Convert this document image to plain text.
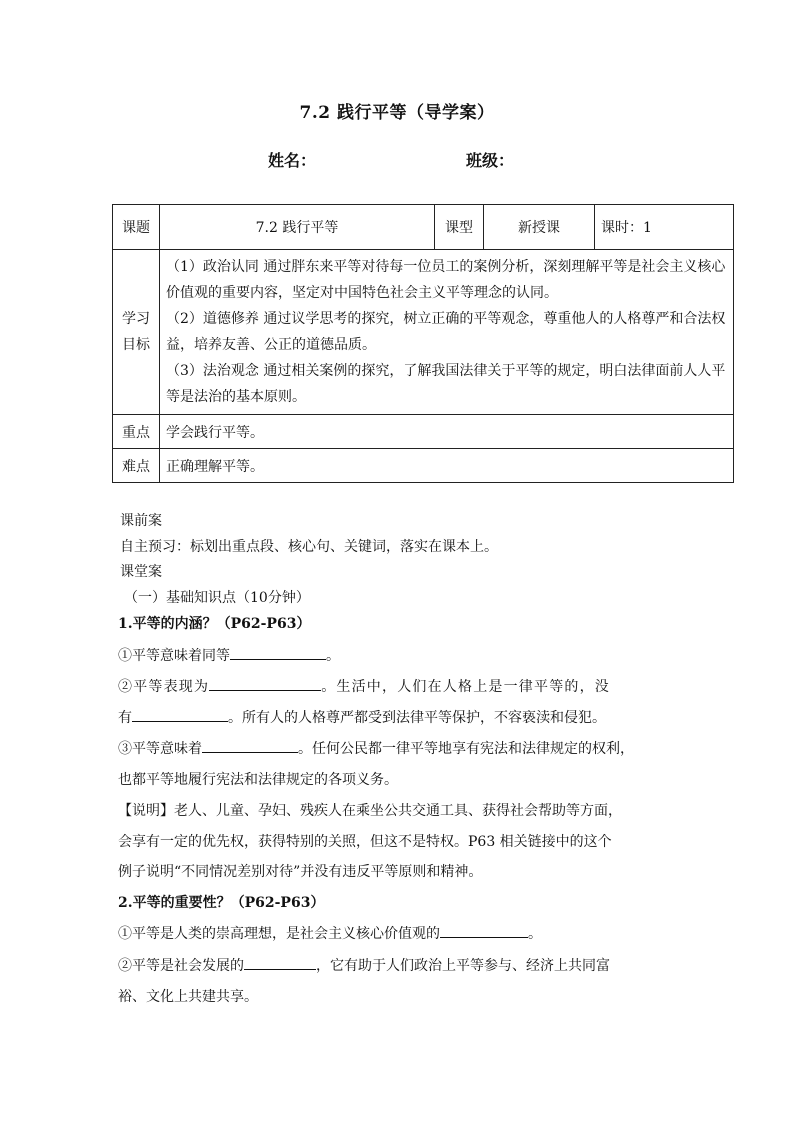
7.2 践行平等（导学案）
姓名：	班级：
课题	7.2 践行平等	课型	新授课	课时：1
学习目标	（1）政治认同 通过胖东来平等对待每一位员工的案例分析，深刻理解平等是社会主义核心价值观的重要内容，坚定对中国特色社会主义平等理念的认同。

（2）道德修养 通过议学思考的探究，树立正确的平等观念，尊重他人的人格尊严和合法权益，培养友善、公正的道德品质。

（3）法治观念 通过相关案例的探究，了解我国法律关于平等的规定，明白法律面前人人平等是法治的基本原则。			

重点	学会践行平等。			
难点	正确理解平等。			
课前案
自主预习：标划出重点段、核心句、关键词，落实在课本上。
课堂案
（一）基础知识点（10分钟）
1.平等的内涵？（P62-P63）
①平等意味着同等	。
②平等表现为	。生活中，人们在人格上是一律平等的，没
有	。所有人的人格尊严都受到法律平等保护，不容亵渎和侵犯。
③平等意味着	。任何公民都一律平等地享有宪法和法律规定的权利，
也都平等地履行宪法和法律规定的各项义务。
【说明】老人、儿童、孕妇、残疾人在乘坐公共交通工具、获得社会帮助等方面，
会享有一定的优先权，获得特别的关照，但这不是特权。P63 相关链接中的这个
例子说明“不同情况差别对待”并没有违反平等原则和精神。
2.平等的重要性？（P62-P63）
①平等是人类的崇高理想，是社会主义核心价值观的	。
②平等是社会发展的	，它有助于人们政治上平等参与、经济上共同富
裕、文化上共建共享。
